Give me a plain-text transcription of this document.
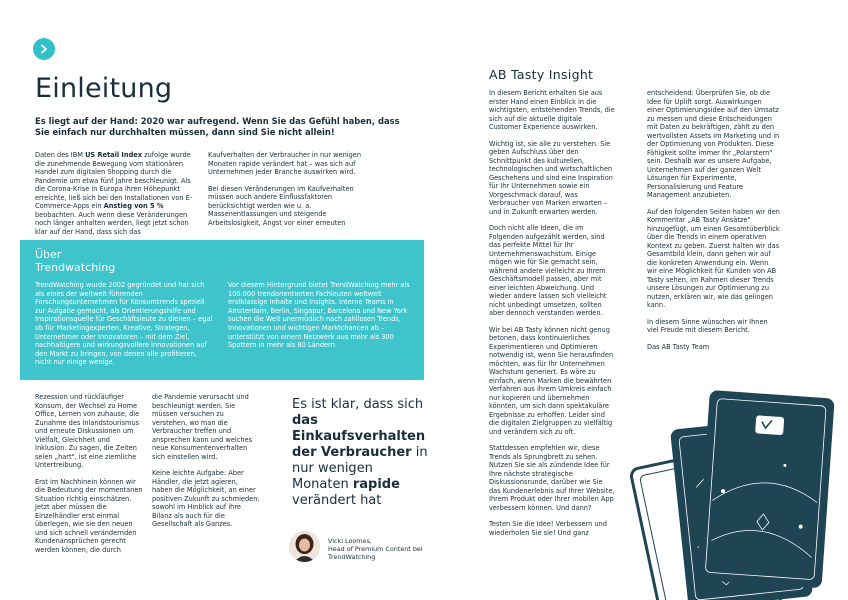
Einleitung
Es liegt auf der Hand: 2020 war aufregend. Wenn Sie das Gefühl haben, dass Sie einfach nur durchhalten müssen, dann sind Sie nicht allein!

Daten des IBM US Retail Index zufolge wurde die zunehmende Bewegung vom stationären Handel zum digitalen Shopping durch die Pandemie um etwa fünf Jahre beschleunigt. Als die Corona-Krise in Europa ihren Höhepunkt erreichte, ließ sich bei den Installationen von E-Commerce-Apps ein Anstieg von 5 % beobachten. Auch wenn diese Veränderungen noch länger anhalten werden, liegt jetzt schon klar auf der Hand, dass sich das

Kaufverhalten der Verbraucher in nur wenigen Monaten rapide verändert hat – was sich auf Unternehmen jeder Branche auswirken wird.

Bei diesen Veränderungen im Kaufverhalten müssen auch andere Einflussfaktoren berücksichtigt werden wie u. a. Massenentlassungen und steigende Arbeitslosigkeit, Angst vor einer erneuten

Über
Trendwatching

TrendWatching wurde 2002 gegründet und hat sich als eines der weltweit führenden Forschungsunternehmen für Konsumtrends speziell zur Aufgabe gemacht, als Orientierungshilfe und Inspirationsquelle für Geschäftsleute zu dienen – egal ob für Marketingexperten, Kreative, Strategen, Unternehmer oder Innovatoren – mit dem Ziel, nachhaltigere und wirkungsvollere Innovationen auf den Markt zu bringen, von denen alle profitieren, nicht nur einige wenige.

Vor diesem Hintergrund bietet TrendWatching mehr als 100.000 trendorientierten Fachleuten weltweit erstklassige Inhalte und Insights. Interne Teams in Amsterdam, Berlin, Singapur, Barcelona und New York suchen die Welt unermüdlich nach zahllosen Trends, Innovationen und wichtigen Marktchancen ab – unterstützt von einem Netzwerk aus mehr als 300 Spottern in mehr als 80 Ländern.

Rezession und rückläufiger Konsum, der Wechsel zu Home Office, Lernen von zuhause, die Zunahme des Inlandstourismus und erneute Diskussionen um Vielfalt, Gleichheit und Inklusion. Zu sagen, die Zeiten seien „hart", ist eine ziemliche Untertreibung.

Erst im Nachhinein können wir die Bedeutung der momentanen Situation richtig einschätzen. Jetzt aber müssen die Einzelhändler erst einmal überlegen, wie sie den neuen und sich schnell verändernden Kundenansprüchen gerecht werden können, die durch

die Pandemie verursacht und beschleunigt werden. Sie müssen versuchen zu verstehen, wo man die Verbraucher treffen und ansprechen kann und welches neue Konsumentenverhalten sich einstellen wird.

Keine leichte Aufgabe: Aber Händler, die jetzt agieren, haben die Möglichkeit, an einer positiven Zukunft zu schmieden: sowohl im Hinblick auf ihre Bilanz als auch für die Gesellschaft als Ganzes.

Es ist klar, dass sich das Einkaufsverhalten der Verbraucher in nur wenigen Monaten rapide verändert hat
Vicki Loomes,
Head of Premium Content bei TrendWatching
AB Tasty Insight

In diesem Bericht erhalten Sie aus erster Hand einen Einblick in die wichtigsten, entstehenden Trends, die sich auf die aktuelle digitale Customer Experience auswirken.

Wichtig ist, sie alle zu verstehen. Sie geben Aufschluss über den Schnittpunkt des kulturellen, technologischen und wirtschaftlichen Geschehens und sind eine Inspiration für Ihr Unternehmen sowie ein Vorgeschmack darauf, was Verbraucher von Marken erwarten – und in Zukunft erwarten werden.

Doch nicht alle Ideen, die im Folgenden aufgezählt werden, sind das perfekte Mittel für Ihr Unternehmenswachstum. Einige mögen wie für Sie gemacht sein, während andere vielleicht zu Ihrem Geschäftsmodell passen, aber mit einer leichten Abweichung. Und wieder andere lassen sich vielleicht nicht unbedingt umsetzen, sollten aber dennoch verstanden werden.

Wir bei AB Tasty können nicht genug betonen, dass kontinuierliches Experimentieren und Optimieren notwendig ist, wenn Sie herausfinden möchten, was für Ihr Unternehmen Wachstum generiert. Es wäre zu einfach, wenn Marken die bewährten Verfahren aus ihrem Umkreis einfach nur kopieren und übernehmen könnten, um sich dann spektakuläre Ergebnisse zu erhoffen. Leider sind die digitalen Zielgruppen zu vielfältig und verändern sich zu oft.

Stattdessen empfehlen wir, diese Trends als Sprungbrett zu sehen. Nutzen Sie sie als zündende Idee für Ihre nächste strategische Diskussionsrunde, darüber wie Sie das Kundenerlebnis auf Ihrer Website, Ihrem Produkt oder Ihrer mobilen App verbessern können. Und dann?

Testen Sie die Idee! Verbessern und wiederholen Sie sie! Und ganz

entscheidend: Überprüfen Sie, ob die Idee für Uplift sorgt. Auswirkungen einer Optimierungsidee auf den Umsatz zu messen und diese Entscheidungen mit Daten zu bekräftigen, zählt zu den wertvollsten Assets im Marketing und in der Optimierung von Produkten. Diese Fähigkeit sollte immer Ihr „Polarstern" sein. Deshalb war es unsere Aufgabe, Unternehmen auf der ganzen Welt Lösungen für Experimente, Personalisierung und Feature Management anzubieten.

Auf den folgenden Seiten haben wir den Kommentar „AB Tasty Ansätze" hinzugefügt, um einen Gesamtüberblick über die Trends in einem operativen Kontext zu geben. Zuerst halten wir das Gesamtbild klein, dann gehen wir auf die konkreten Anwendung ein. Wenn wir eine Möglichkeit für Kunden von AB Tasty sehen, im Rahmen dieser Trends unsere Lösungen zur Optimierung zu nutzen, erklären wir, wie das gelingen kann.

In diesem Sinne wünschen wir Ihnen viel Freude mit diesem Bericht.

Das AB Tasty Team
